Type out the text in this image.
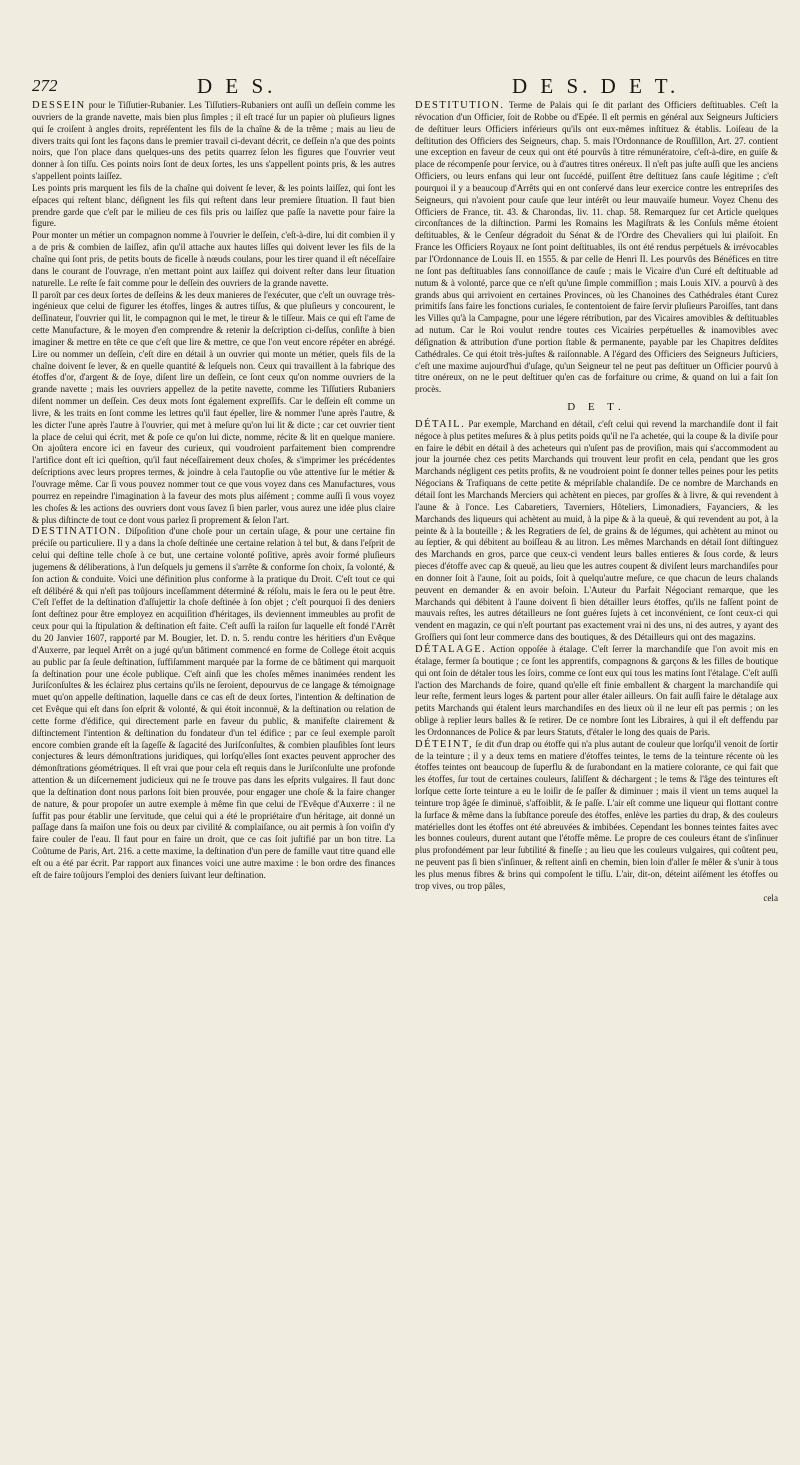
272	D E S.	D E S. D E T.

DESSEIN pour le Tiſſutier-Rubanier. Les Tiſſutiers-Rubaniers ont auſſi un deſſein comme les ouvriers de la grande navette, mais bien plus ſimples ; il eſt tracé ſur un papier où pluſieurs lignes qui ſe croiſent à angles droits, repréſentent les fils de la chaîne & de la trême ; mais au lieu de divers traits qui ſont les façons dans le premier travail ci-devant décrit, ce deſſein n'a que des points noirs, que l'on place dans quelques-uns des petits quarrez ſelon les figures que l'ouvrier veut donner à ſon tiſſu. Ces points noirs ſont de deux ſortes, les uns s'appellent points pris, & les autres s'appellent points laiſſez.

Les points pris marquent les fils de la chaîne qui doivent ſe lever, & les points laiſſez, qui ſont les eſpaces qui reſtent blanc, déſignent les fils qui reſtent dans leur premiere ſituation. Il faut bien prendre garde que c'eſt par le milieu de ces fils pris ou laiſſez que paſſe la navette pour faire la figure.

Pour monter un métier un compagnon nomme à l'ouvrier le deſſein, c'eſt-à-dire, lui dit combien il y a de pris & combien de laiſſez, afin qu'il attache aux hautes liſſes qui doivent lever les fils de la chaîne qui ſont pris, de petits bouts de ficelle à nœuds coulans, pour les tirer quand il eſt néceſſaire dans le courant de l'ouvrage, n'en mettant point aux laiſſez qui doivent reſter dans leur ſituation naturelle. Le reſte ſe fait comme pour le deſſein des ouvriers de la grande navette.

Il paroît par ces deux ſortes de deſſeins & les deux manieres de l'exécuter, que c'eſt un ouvrage très-ingénieux que celui de figurer les étoffes, linges & autres tiſſus, & que pluſieurs y concourent, le deſſinateur, l'ouvrier qui lit, le compagnon qui le met, le tireur & le tiſſeur. Mais ce qui eſt l'ame de cette Manufacture, & le moyen d'en comprendre & retenir la deſcription ci-deſſus, conſiſte à bien imaginer & mettre en tête ce que c'eſt que lire & mettre, ce que l'on veut encore répéter en abrégé. Lire ou nommer un deſſein, c'eſt dire en détail à un ouvrier qui monte un métier, quels fils de la chaîne doivent ſe lever, & en quelle quantité & leſquels non. Ceux qui travaillent à la fabrique des étoffes d'or, d'argent & de ſoye, diſent lire un deſſein, ce ſont ceux qu'on nomme ouvriers de la grande navette ; mais les ouvriers appellez de la petite navette, comme les Tiſſutiers Rubaniers diſent nommer un deſſein. Ces deux mots ſont également expreſſifs. Car le deſſein eſt comme un livre, & les traits en ſont comme les lettres qu'il faut épeller, lire & nommer l'une après l'autre, & les dicter l'une après l'autre à l'ouvrier, qui met à meſure qu'on lui lit & dicte ; car cet ouvrier tient la place de celui qui écrit, met & poſe ce qu'on lui dicte, nomme, récite & lit en quelque maniere. On ajoûtera encore ici en faveur des curieux, qui voudroient parfaitement bien comprendre l'artifice dont eſt ici queſtion, qu'il faut néceſſairement deux choſes, & s'imprimer les précédentes deſcriptions avec leurs propres termes, & joindre à cela l'autopſie ou vûe attentive ſur le métier & l'ouvrage même. Car ſi vous pouvez nommer tout ce que vous voyez dans ces Manufactures, vous pourrez en repeindre l'imagination à la faveur des mots plus aiſément ; comme auſſi ſi vous voyez les choſes & les actions des ouvriers dont vous ſavez ſi bien parler, vous aurez une idée plus claire & plus diſtincte de tout ce dont vous parlez ſi proprement & ſelon l'art.

DESTINATION. Diſpoſition d'une choſe pour un certain uſage, & pour une certaine fin préciſe ou particuliere. Il y a dans la choſe deſtinée une certaine relation à tel but, & dans l'eſprit de celui qui deſtine telle choſe à ce but, une certaine volonté poſitive, après avoir formé pluſieurs jugemens & déliberations, à l'un deſquels ju gemens il s'arrête & conforme ſon choix, ſa volonté, & ſon action & conduite. Voici une définition plus conforme à la pratique du Droit. C'eſt tout ce qui eſt délibéré & qui n'eſt pas toûjours inceſſamment déterminé & réſolu, mais le ſera ou le peut être. C'eſt l'effet de la deſtination d'aſſujettir la choſe deſtinée à ſon objet ; c'eſt pourquoi ſi des deniers ſont deſtinez pour être employez en acquiſition d'héritages, ils deviennent immeubles au profit de ceux pour qui la ſtipulation & deſtination eſt faite. C'eſt auſſi la raiſon ſur laquelle eſt fondé l'Arrêt du 20 Janvier 1607, rapporté par M. Bougier, let. D. n. 5. rendu contre les héritiers d'un Evêque d'Auxerre, par lequel Arrêt on a jugé qu'un bâtiment commencé en forme de College étoit acquis au public par ſa ſeule deſtination, ſuffiſamment marquée par la forme de ce bâtiment qui marquoit ſa deſtination pour une école publique. C'eſt ainſi que les choſes mêmes inanimées rendent les Juriſconſultes & les éclairez plus certains qu'ils ne ſeroient, depourvus de ce langage & témoignage muet qu'on appelle deſtination, laquelle dans ce cas eſt de deux ſortes, l'intention & deſtination de cet Evêque qui eſt dans ſon eſprit & volonté, & qui étoit inconnuë, & la deſtination ou relation de cette forme d'édifice, qui directement parle en faveur du public, & manifeſte clairement & diſtinctement l'intention & deſtination du fondateur d'un tel édifice ; par ce ſeul exemple paroît encore combien grande eſt la ſageſſe & ſagacité des Juriſconſultes, & combien plauſibles ſont leurs conjectures & leurs démonſtrations juridiques, qui lorſqu'elles ſont exactes peuvent approcher des démonſtrations géométriques. Il eſt vrai que pour cela eſt requis dans le Juriſconſulte une profonde attention & un diſcernement judicieux qui ne ſe trouve pas dans les eſprits vulgaires. Il faut donc que la deſtination dont nous parlons ſoit bien prouvée, pour engager une choſe & la faire changer de nature, & pour propoſer un autre exemple à même fin que celui de l'Evêque d'Auxerre : il ne ſuffit pas pour établir une ſervitude, que celui qui a été le propriétaire d'un héritage, ait donné un paſſage dans ſa maiſon une fois ou deux par civilité & complaiſance, ou ait permis à ſon voiſin d'y faire couler de l'eau. Il faut pour en faire un droit, que ce cas ſoit juſtifié par un bon titre. La Coûtume de Paris, Art. 216. a cette maxime, la deſtination d'un pere de famille vaut titre quand elle eſt ou a été par écrit. Par rapport aux finances voici une autre maxime : le bon ordre des finances eſt de faire toûjours l'emploi des deniers ſuivant leur deſtination.

DESTITUTION. Terme de Palais qui ſe dit parlant des Officiers deſtituables. C'eſt la révocation d'un Officier, ſoit de Robbe ou d'Epée. Il eſt permis en général aux Seigneurs Juſticiers de deſtituer leurs Officiers inférieurs qu'ils ont eux-mêmes inſtituez & établis. Loiſeau de la deſtitution des Officiers des Seigneurs, chap. 5. mais l'Ordonnance de Rouſſillon, Art. 27. contient une exception en faveur de ceux qui ont été pourvûs à titre rémunératoire, c'eſt-à-dire, en guiſe & place de récompenſe pour ſervice, ou à d'autres titres onéreux. Il n'eſt pas juſte auſſi que les anciens Officiers, ou leurs enfans qui leur ont ſuccédé, puiſſent être deſtituez ſans cauſe légitime ; c'eſt pourquoi il y a beaucoup d'Arrêts qui en ont conſervé dans leur exercice contre les entrepriſes des Seigneurs, qui n'avoient pour cauſe que leur intérêt ou leur mauvaiſe humeur. Voyez Chenu des Officiers de France, tit. 43. & Charondas, liv. 11. chap. 58. Remarquez ſur cet Article quelques circonſtances de la diſtinction. Parmi les Romains les Magiſtrats & les Conſuls même étoient deſtituables, & le Cenſeur dégradoit du Sénat & de l'Ordre des Chevaliers qui lui plaiſoit. En France les Officiers Royaux ne ſont point deſtituables, ils ont été rendus perpétuels & irrévocables par l'Ordonnance de Louis II. en 1555. & par celle de Henri II. Les pourvûs des Bénéfices en titre ne ſont pas deſtituables ſans connoiſſance de cauſe ; mais le Vicaire d'un Curé eſt deſtituable ad nutum & à volonté, parce que ce n'eſt qu'une ſimple commiſſion ; mais Louis XIV. a pourvû à des grands abus qui arrivoient en certaines Provinces, où les Chanoines des Cathédrales étant Curez primitifs ſans faire les fonctions curiales, ſe contentoient de faire ſervir pluſieurs Paroiſſes, tant dans les Villes qu'à la Campagne, pour une légere rétribution, par des Vicaires amovibles & deſtituables ad nutum. Car le Roi voulut rendre toutes ces Vicairies perpétuelles & inamovibles avec déſignation & attribution d'une portion ſtable & permanente, payable par les Chapitres deſdites Cathédrales. Ce qui étoit très-juſtes & raiſonnable. A l'égard des Officiers des Seigneurs Juſticiers, c'eſt une maxime aujourd'hui d'uſage, qu'un Seigneur tel ne peut pas deſtituer un Officier pourvû à titre onéreux, on ne le peut deſtituer qu'en cas de forfaiture ou crime, & quand on lui a fait ſon procès.

D E T.

DÉTAIL. Par exemple, Marchand en détail, c'eſt celui qui revend la marchandiſe dont il fait négoce à plus petites meſures & à plus petits poids qu'il ne l'a achetée, qui la coupe & la diviſe pour en faire le débit en détail à des acheteurs qui n'uſent pas de proviſion, mais qui s'accommodent au jour la journée chez ces petits Marchands qui trouvent leur profit en cela, pendant que les gros Marchands négligent ces petits profits, & ne voudroient point ſe donner telles peines pour les petits Négocians & Trafiquans de cette petite & mépriſable chalandiſe. De ce nombre de Marchands en détail ſont les Marchands Merciers qui achètent en pieces, par groſſes & à livre, & qui revendent à l'aune & à l'once. Les Cabaretiers, Taverniers, Hôteliers, Limonadiers, Fayanciers, & les Marchands des liqueurs qui achètent au muid, à la pipe & à la queuë, & qui revendent au pot, à la peinte & à la bouteille ; & les Regratiers de ſel, de grains & de légumes, qui achètent au minot ou au ſeptier, & qui débitent au boiſſeau & au litron. Les mêmes Marchands en détail ſont diſtinguez des Marchands en gros, parce que ceux-ci vendent leurs balles entieres & ſous corde, & leurs pieces d'étoffe avec cap & queuë, au lieu que les autres coupent & diviſent leurs marchandiſes pour en donner ſoit à l'aune, ſoit au poids, ſoit à quelqu'autre meſure, ce que chacun de leurs chalands peuvent en demander & en avoir beſoin. L'Auteur du Parfait Négociant remarque, que les Marchands qui débitent à l'aune doivent ſi bien détailler leurs étoffes, qu'ils ne faſſent point de mauvais reſtes, les autres détailleurs ne ſont guéres ſujets à cet inconvénient, ce ſont ceux-ci qui vendent en magazin, ce qui n'eſt pourtant pas exactement vrai ni des uns, ni des autres, y ayant des Groſſiers qui ſont leur commerce dans des boutiques, & des Détailleurs qui ont des magazins.

DÉTALAGE. Action oppoſée à étalage. C'eſt ſerrer la marchandiſe que l'on avoit mis en étalage, fermer ſa boutique ; ce ſont les apprentifs, compagnons & garçons & les filles de boutique qui ont ſoin de détaler tous les ſoirs, comme ce ſont eux qui tous les matins ſont l'étalage. C'eſt auſſi l'action des Marchands de foire, quand qu'elle eſt finie emballent & chargent la marchandiſe qui leur reſte, ferment leurs loges & partent pour aller étaler ailleurs. On fait auſſi faire le détalage aux petits Marchands qui étalent leurs marchandiſes en des lieux où il ne leur eſt pas permis ; on les oblige à replier leurs balles & ſe retirer. De ce nombre ſont les Libraires, à qui il eſt deffendu par les Ordonnances de Police & par leurs Statuts, d'étaler le long des quais de Paris.

DÉTEINT, ſe dit d'un drap ou étoffe qui n'a plus autant de couleur que lorſqu'il venoit de ſortir de la teinture ; il y a deux tems en matiere d'étoffes teintes, le tems de la teinture récente où les étoffes teintes ont beaucoup de ſuperflu & de ſurabondant en la matiere colorante, ce qui fait que les étoffes, ſur tout de certaines couleurs, ſaliſſent & déchargent ; le tems & l'âge des teintures eſt lorſque cette ſorte teinture a eu le loiſir de ſe paſſer & diminuer ; mais il vient un tems auquel la teinture trop âgée ſe diminuë, s'affoiblit, & ſe paſſe. L'air eſt comme une liqueur qui flottant contre la ſurface & même dans la ſubſtance poreuſe des étoffes, enlève les parties du drap, & des couleurs matérielles dont les étoffes ont été abreuvées & imbibées. Cependant les bonnes teintes faites avec les bonnes couleurs, durent autant que l'étoffe même. Le propre de ces couleurs étant de s'inſinuer plus profondément par leur ſubtilité & fineſſe ; au lieu que les couleurs vulgaires, qui coûtent peu, ne peuvent pas ſi bien s'inſinuer, & reſtent ainſi en chemin, bien loin d'aller ſe mêler & s'unir à tous les plus menus fibres & brins qui compoſent le tiſſu. L'air, dit-on, déteint aiſément les étoffes ou trop vives, ou trop pâles,

cela
